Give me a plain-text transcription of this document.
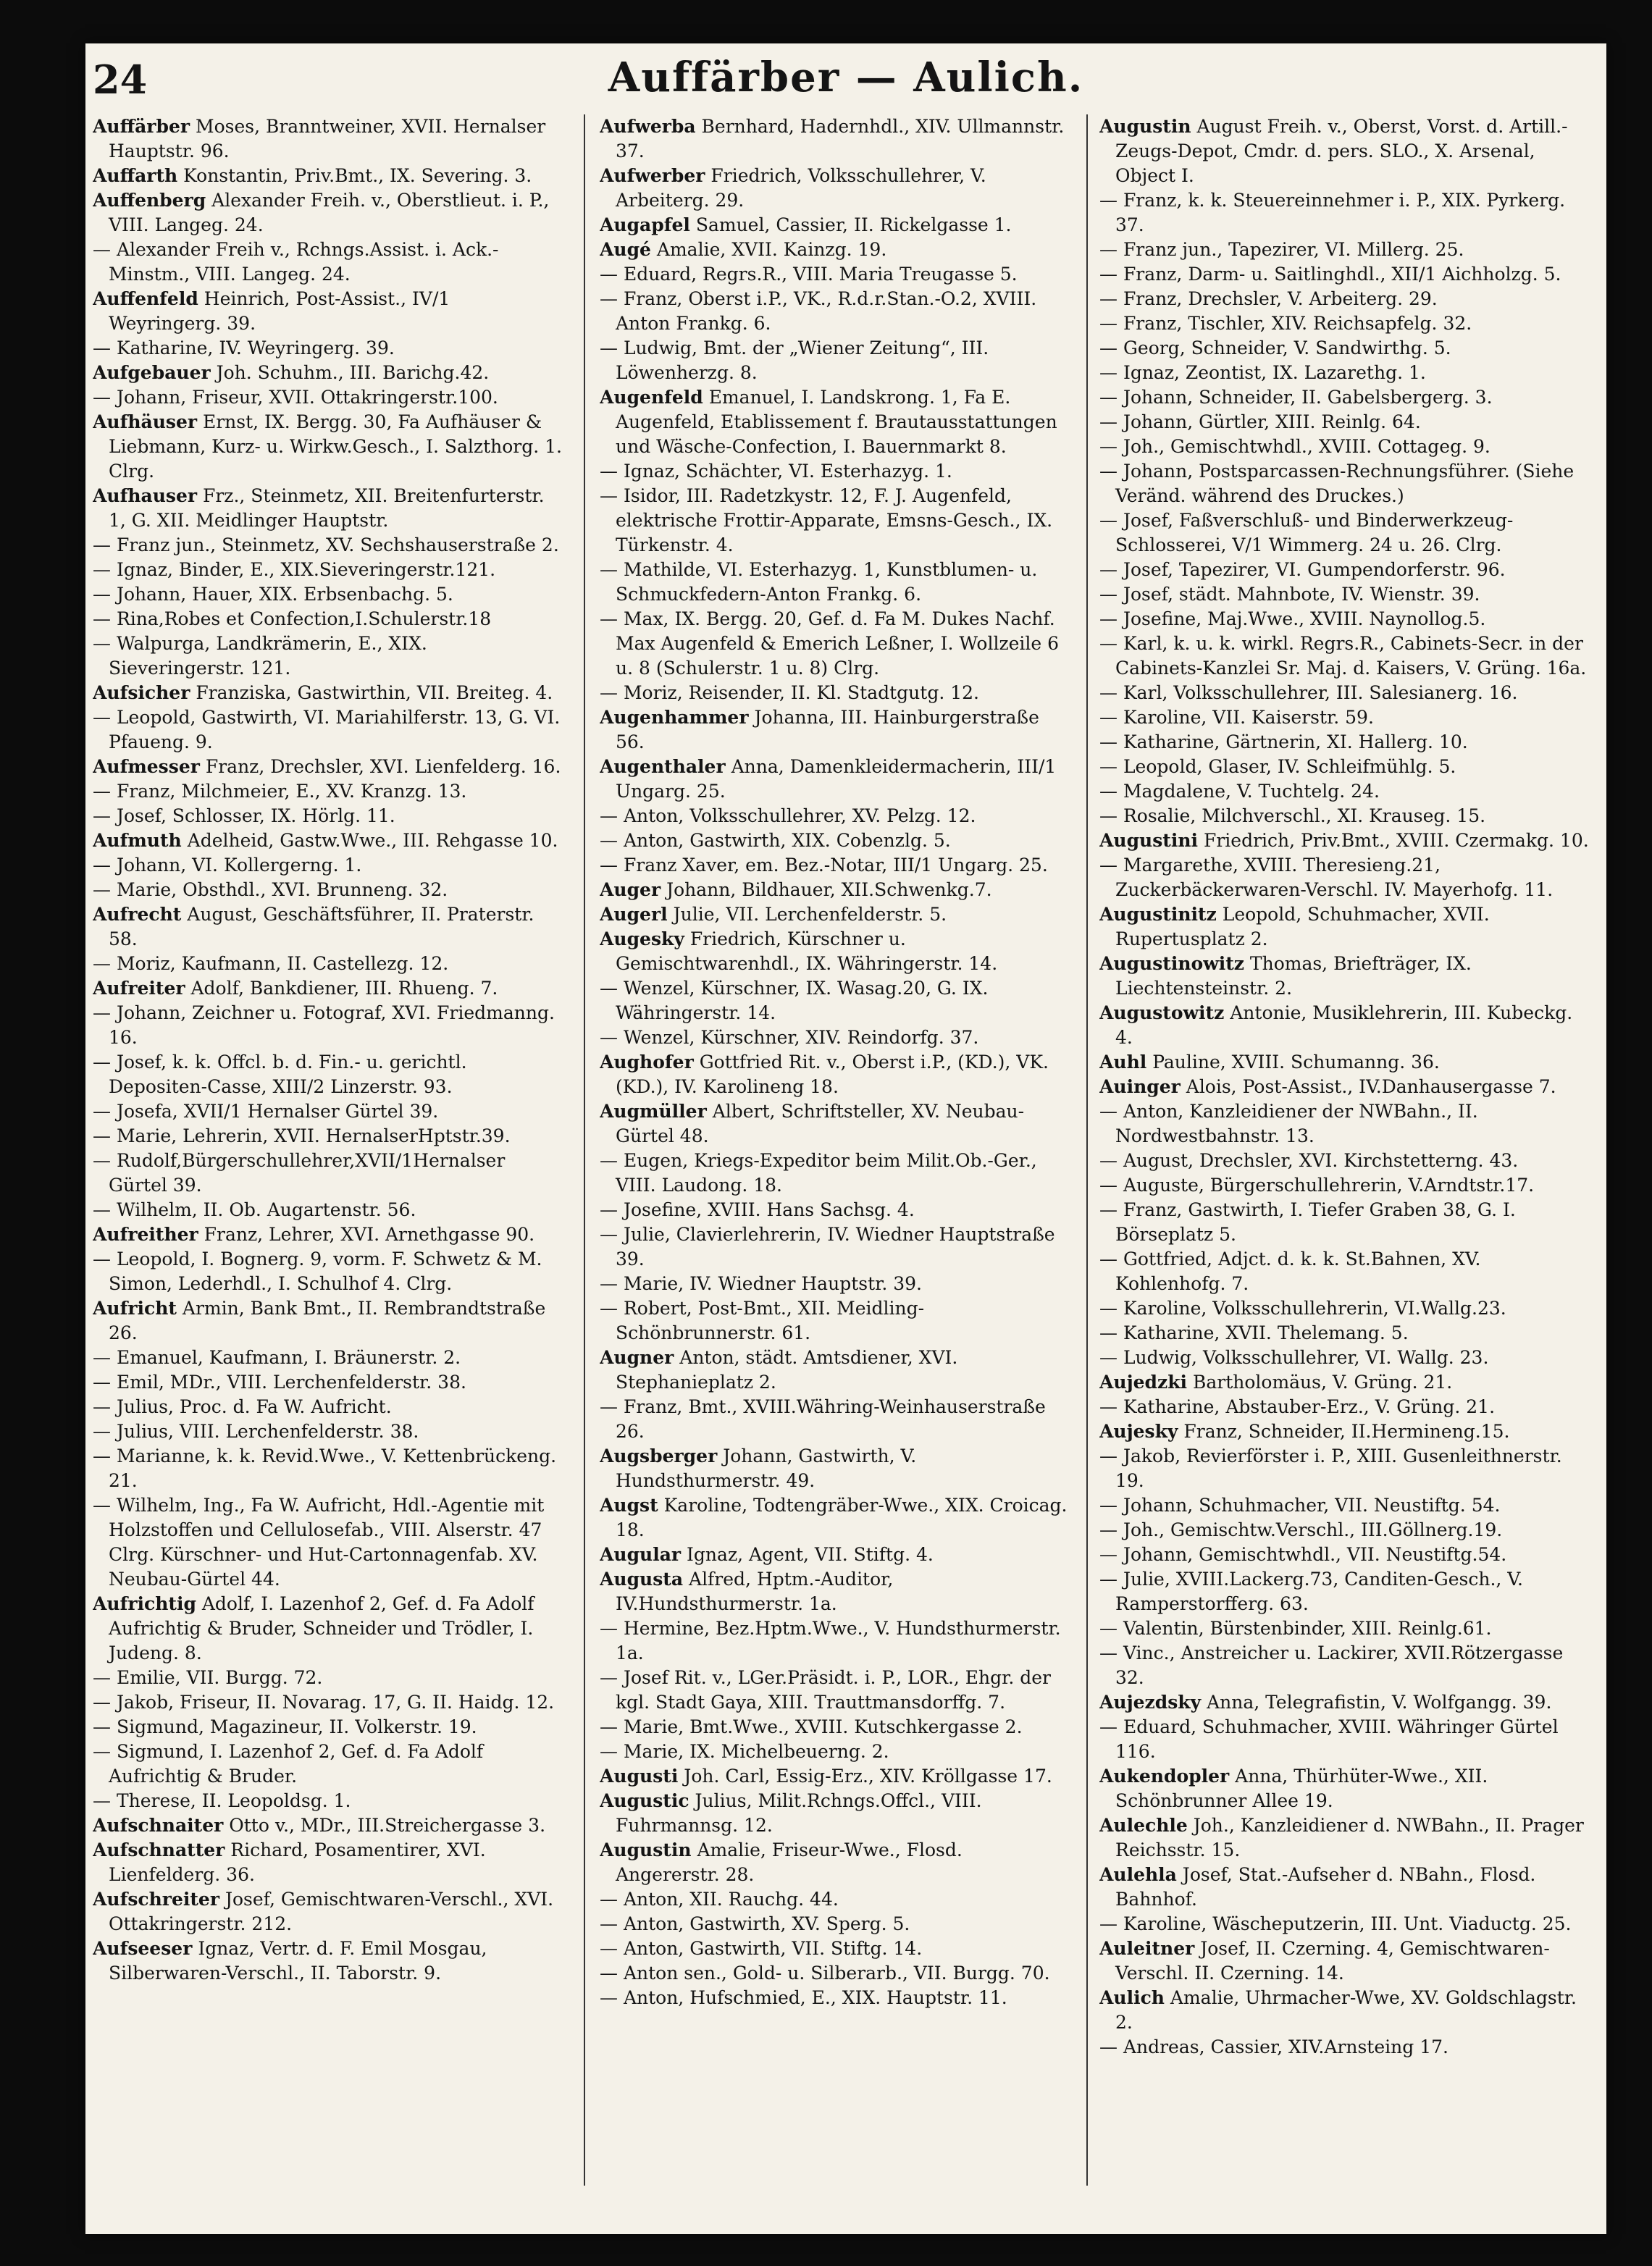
24	Auffärber — Aulich.

Auffärber Moses, Branntweiner, XVII. Hernalser Hauptstr. 96.

Auffarth Konstantin, Priv.Bmt., IX. Severing. 3.

Auffenberg Alexander Freih. v., Oberstlieut. i. P., VIII. Langeg. 24.

— Alexander Freih v., Rchngs.Assist. i. Ack.-Minstm., VIII. Langeg. 24.

Auffenfeld Heinrich, Post-Assist., IV/1 Weyringerg. 39.

— Katharine, IV. Weyringerg. 39.

Aufgebauer Joh. Schuhm., III. Barichg.42.

— Johann, Friseur, XVII. Ottakringerstr.100.

Aufhäuser Ernst, IX. Bergg. 30, Fa Aufhäuser & Liebmann, Kurz- u. Wirkw.Gesch., I. Salzthorg. 1. Clrg.

Aufhauser Frz., Steinmetz, XII. Breitenfurterstr. 1, G. XII. Meidlinger Hauptstr.

— Franz jun., Steinmetz, XV. Sechshauserstraße 2.

— Ignaz, Binder, E., XIX.Sieveringerstr.121.

— Johann, Hauer, XIX. Erbsenbachg. 5.

— Rina,Robes et Confection,I.Schulerstr.18

— Walpurga, Landkrämerin, E., XIX. Sieveringerstr. 121.

Aufsicher Franziska, Gastwirthin, VII. Breiteg. 4.

— Leopold, Gastwirth, VI. Mariahilferstr. 13, G. VI. Pfaueng. 9.

Aufmesser Franz, Drechsler, XVI. Lienfelderg. 16.

— Franz, Milchmeier, E., XV. Kranzg. 13.

— Josef, Schlosser, IX. Hörlg. 11.

Aufmuth Adelheid, Gastw.Wwe., III. Rehgasse 10.

— Johann, VI. Kollergerng. 1.

— Marie, Obsthdl., XVI. Brunneng. 32.

Aufrecht August, Geschäftsführer, II. Praterstr. 58.

— Moriz, Kaufmann, II. Castellezg. 12.

Aufreiter Adolf, Bankdiener, III. Rhueng. 7.

— Johann, Zeichner u. Fotograf, XVI. Friedmanng. 16.

— Josef, k. k. Offcl. b. d. Fin.- u. gerichtl. Depositen-Casse, XIII/2 Linzerstr. 93.

— Josefa, XVII/1 Hernalser Gürtel 39.

— Marie, Lehrerin, XVII. HernalserHptstr.39.

— Rudolf,Bürgerschullehrer,XVII/1Hernalser Gürtel 39.

— Wilhelm, II. Ob. Augartenstr. 56.

Aufreither Franz, Lehrer, XVI. Arnethgasse 90.

— Leopold, I. Bognerg. 9, vorm. F. Schwetz & M. Simon, Lederhdl., I. Schulhof 4. Clrg.

Aufricht Armin, Bank Bmt., II. Rembrandtstraße 26.

— Emanuel, Kaufmann, I. Bräunerstr. 2.

— Emil, MDr., VIII. Lerchenfelderstr. 38.

— Julius, Proc. d. Fa W. Aufricht.

— Julius, VIII. Lerchenfelderstr. 38.

— Marianne, k. k. Revid.Wwe., V. Kettenbrückeng. 21.

— Wilhelm, Ing., Fa W. Aufricht, Hdl.-Agentie mit Holzstoffen und Cellulosefab., VIII. Alserstr. 47 Clrg. Kürschner- und Hut-Cartonnagenfab. XV. Neubau-Gürtel 44.

Aufrichtig Adolf, I. Lazenhof 2, Gef. d. Fa Adolf Aufrichtig & Bruder, Schneider und Trödler, I. Judeng. 8.

— Emilie, VII. Burgg. 72.

— Jakob, Friseur, II. Novarag. 17, G. II. Haidg. 12.

— Sigmund, Magazineur, II. Volkerstr. 19.

— Sigmund, I. Lazenhof 2, Gef. d. Fa Adolf Aufrichtig & Bruder.

— Therese, II. Leopoldsg. 1.

Aufschnaiter Otto v., MDr., III.Streichergasse 3.

Aufschnatter Richard, Posamentirer, XVI. Lienfelderg. 36.

Aufschreiter Josef, Gemischtwaren-Verschl., XVI. Ottakringerstr. 212.

Aufseeser Ignaz, Vertr. d. F. Emil Mosgau, Silberwaren-Verschl., II. Taborstr. 9.

Aufwerba Bernhard, Hadernhdl., XIV. Ullmannstr. 37.

Aufwerber Friedrich, Volksschullehrer, V. Arbeiterg. 29.

Augapfel Samuel, Cassier, II. Rickelgasse 1.

Augé Amalie, XVII. Kainzg. 19.

— Eduard, Regrs.R., VIII. Maria Treugasse 5.

— Franz, Oberst i.P., VK., R.d.r.Stan.-O.2, XVIII. Anton Frankg. 6.

— Ludwig, Bmt. der „Wiener Zeitung“, III. Löwenherzg. 8.

Augenfeld Emanuel, I. Landskrong. 1, Fa E. Augenfeld, Etablissement f. Brautausstattungen und Wäsche-Confection, I. Bauernmarkt 8.

— Ignaz, Schächter, VI. Esterhazyg. 1.

— Isidor, III. Radetzkystr. 12, F. J. Augenfeld, elektrische Frottir-Apparate, Emsns-Gesch., IX. Türkenstr. 4.

— Mathilde, VI. Esterhazyg. 1, Kunstblumen- u. Schmuckfedern-Anton Frankg. 6.

— Max, IX. Bergg. 20, Gef. d. Fa M. Dukes Nachf. Max Augenfeld & Emerich Leßner, I. Wollzeile 6 u. 8 (Schulerstr. 1 u. 8) Clrg.

— Moriz, Reisender, II. Kl. Stadtgutg. 12.

Augenhammer Johanna, III. Hainburgerstraße 56.

Augenthaler Anna, Damenkleidermacherin, III/1 Ungarg. 25.

— Anton, Volksschullehrer, XV. Pelzg. 12.

— Anton, Gastwirth, XIX. Cobenzlg. 5.

— Franz Xaver, em. Bez.-Notar, III/1 Ungarg. 25.

Auger Johann, Bildhauer, XII.Schwenkg.7.

Augerl Julie, VII. Lerchenfelderstr. 5.

Augesky Friedrich, Kürschner u. Gemischtwarenhdl., IX. Währingerstr. 14.

— Wenzel, Kürschner, IX. Wasag.20, G. IX. Währingerstr. 14.

— Wenzel, Kürschner, XIV. Reindorfg. 37.

Aughofer Gottfried Rit. v., Oberst i.P., (KD.), VK. (KD.), IV. Karolineng 18.

Augmüller Albert, Schriftsteller, XV. Neubau-Gürtel 48.

— Eugen, Kriegs-Expeditor beim Milit.Ob.-Ger., VIII. Laudong. 18.

— Josefine, XVIII. Hans Sachsg. 4.

— Julie, Clavierlehrerin, IV. Wiedner Hauptstraße 39.

— Marie, IV. Wiedner Hauptstr. 39.

— Robert, Post-Bmt., XII. Meidling-Schönbrunnerstr. 61.

Augner Anton, städt. Amtsdiener, XVI. Stephanieplatz 2.

— Franz, Bmt., XVIII.Währing-Weinhauserstraße 26.

Augsberger Johann, Gastwirth, V. Hundsthurmerstr. 49.

Augst Karoline, Todtengräber-Wwe., XIX. Croicag. 18.

Augular Ignaz, Agent, VII. Stiftg. 4.

Augusta Alfred, Hptm.-Auditor, IV.Hundsthurmerstr. 1a.

— Hermine, Bez.Hptm.Wwe., V. Hundsthurmerstr. 1a.

— Josef Rit. v., LGer.Präsidt. i. P., LOR., Ehgr. der kgl. Stadt Gaya, XIII. Trauttmansdorffg. 7.

— Marie, Bmt.Wwe., XVIII. Kutschkergasse 2.

— Marie, IX. Michelbeuerng. 2.

Augusti Joh. Carl, Essig-Erz., XIV. Kröllgasse 17.

Augustic Julius, Milit.Rchngs.Offcl., VIII. Fuhrmannsg. 12.

Augustin Amalie, Friseur-Wwe., Flosd. Angererstr. 28.

— Anton, XII. Rauchg. 44.

— Anton, Gastwirth, XV. Sperg. 5.

— Anton, Gastwirth, VII. Stiftg. 14.

— Anton sen., Gold- u. Silberarb., VII. Burgg. 70.

— Anton, Hufschmied, E., XIX. Hauptstr. 11.

Augustin August Freih. v., Oberst, Vorst. d. Artill.-Zeugs-Depot, Cmdr. d. pers. SLO., X. Arsenal, Object I.

— Franz, k. k. Steuereinnehmer i. P., XIX. Pyrkerg. 37.

— Franz jun., Tapezirer, VI. Millerg. 25.

— Franz, Darm- u. Saitlinghdl., XII/1 Aichholzg. 5.

— Franz, Drechsler, V. Arbeiterg. 29.

— Franz, Tischler, XIV. Reichsapfelg. 32.

— Georg, Schneider, V. Sandwirthg. 5.

— Ignaz, Zeontist, IX. Lazarethg. 1.

— Johann, Schneider, II. Gabelsbergerg. 3.

— Johann, Gürtler, XIII. Reinlg. 64.

— Joh., Gemischtwhdl., XVIII. Cottageg. 9.

— Johann, Postsparcassen-Rechnungsführer. (Siehe Veränd. während des Druckes.)

— Josef, Faßverschluß- und Binderwerkzeug-Schlosserei, V/1 Wimmerg. 24 u. 26. Clrg.

— Josef, Tapezirer, VI. Gumpendorferstr. 96.

— Josef, städt. Mahnbote, IV. Wienstr. 39.

— Josefine, Maj.Wwe., XVIII. Naynollog.5.

— Karl, k. u. k. wirkl. Regrs.R., Cabinets-Secr. in der Cabinets-Kanzlei Sr. Maj. d. Kaisers, V. Grüng. 16a.

— Karl, Volksschullehrer, III. Salesianerg. 16.

— Karoline, VII. Kaiserstr. 59.

— Katharine, Gärtnerin, XI. Hallerg. 10.

— Leopold, Glaser, IV. Schleifmühlg. 5.

— Magdalene, V. Tuchtelg. 24.

— Rosalie, Milchverschl., XI. Krauseg. 15.

Augustini Friedrich, Priv.Bmt., XVIII. Czermakg. 10.

— Margarethe, XVIII. Theresieng.21, Zuckerbäckerwaren-Verschl. IV. Mayerhofg. 11.

Augustinitz Leopold, Schuhmacher, XVII. Rupertusplatz 2.

Augustinowitz Thomas, Briefträger, IX. Liechtensteinstr. 2.

Augustowitz Antonie, Musiklehrerin, III. Kubeckg. 4.

Auhl Pauline, XVIII. Schumanng. 36.

Auinger Alois, Post-Assist., IV.Danhausergasse 7.

— Anton, Kanzleidiener der NWBahn., II. Nordwestbahnstr. 13.

— August, Drechsler, XVI. Kirchstetterng. 43.

— Auguste, Bürgerschullehrerin, V.Arndtstr.17.

— Franz, Gastwirth, I. Tiefer Graben 38, G. I. Börseplatz 5.

— Gottfried, Adjct. d. k. k. St.Bahnen, XV. Kohlenhofg. 7.

— Karoline, Volksschullehrerin, VI.Wallg.23.

— Katharine, XVII. Thelemang. 5.

— Ludwig, Volksschullehrer, VI. Wallg. 23.

Aujedzki Bartholomäus, V. Grüng. 21.

— Katharine, Abstauber-Erz., V. Grüng. 21.

Aujesky Franz, Schneider, II.Hermineng.15.

— Jakob, Revierförster i. P., XIII. Gusenleithnerstr. 19.

— Johann, Schuhmacher, VII. Neustiftg. 54.

— Joh., Gemischtw.Verschl., III.Göllnerg.19.

— Johann, Gemischtwhdl., VII. Neustiftg.54.

— Julie, XVIII.Lackerg.73, Canditen-Gesch., V. Ramperstorfferg. 63.

— Valentin, Bürstenbinder, XIII. Reinlg.61.

— Vinc., Anstreicher u. Lackirer, XVII.Rötzergasse 32.

Aujezdsky Anna, Telegrafistin, V. Wolfgangg. 39.

— Eduard, Schuhmacher, XVIII. Währinger Gürtel 116.

Aukendopler Anna, Thürhüter-Wwe., XII. Schönbrunner Allee 19.

Aulechle Joh., Kanzleidiener d. NWBahn., II. Prager Reichsstr. 15.

Aulehla Josef, Stat.-Aufseher d. NBahn., Flosd. Bahnhof.

— Karoline, Wäscheputzerin, III. Unt. Viaductg. 25.

Auleitner Josef, II. Czerning. 4, Gemischtwaren-Verschl. II. Czerning. 14.

Aulich Amalie, Uhrmacher-Wwe, XV. Goldschlagstr. 2.

— Andreas, Cassier, XIV.Arnsteing 17.
